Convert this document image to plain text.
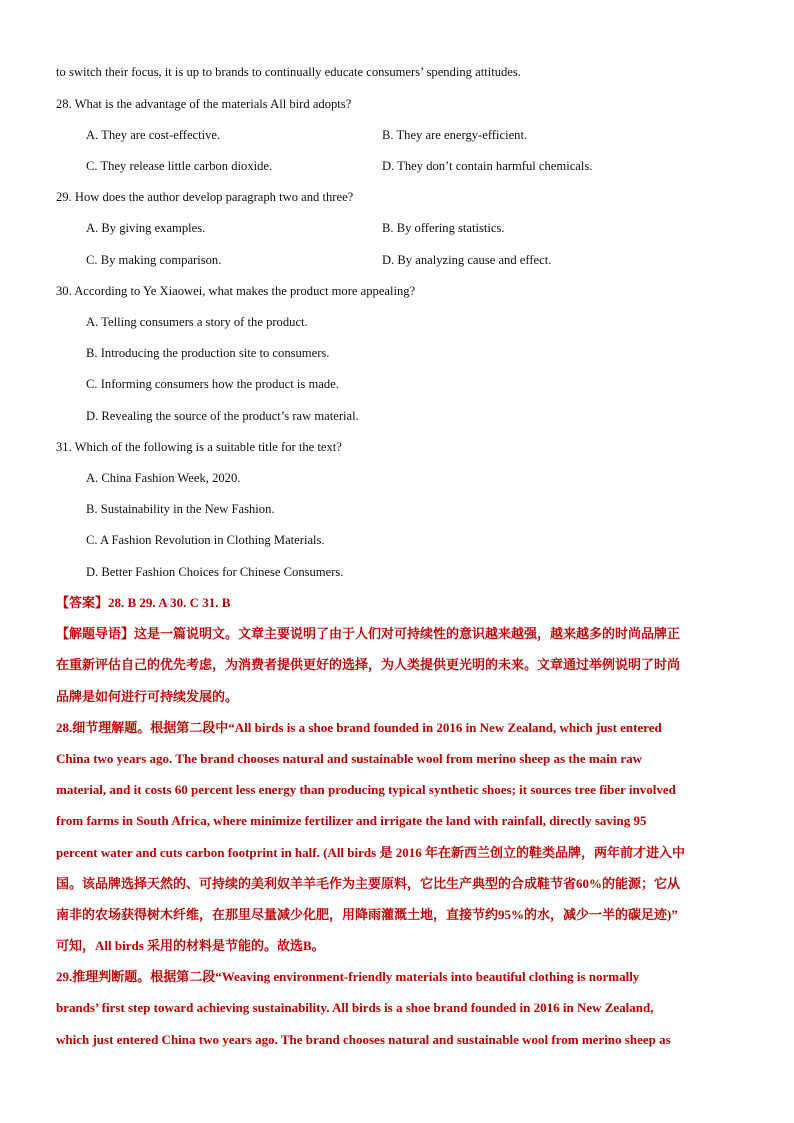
to switch their focus, it is up to brands to continually educate consumers’ spending attitudes.
28. What is the advantage of the materials All bird adopts?
A. They are cost-effective.	B. They are energy-efficient.
C. They release little carbon dioxide.	D. They don’t contain harmful chemicals.
29. How does the author develop paragraph two and three?
A. By giving examples.	B. By offering statistics.
C. By making comparison.	D. By analyzing cause and effect.
30. According to Ye Xiaowei, what makes the product more appealing?
A. Telling consumers a story of the product.
B. Introducing the production site to consumers.
C. Informing consumers how the product is made.
D. Revealing the source of the product’s raw material.
31. Which of the following is a suitable title for the text?
A. China Fashion Week, 2020.
B. Sustainability in the New Fashion.
C. A Fashion Revolution in Clothing Materials.
D. Better Fashion Choices for Chinese Consumers.
【答案】28. B 29. A 30. C 31. B
【解题导语】这是一篇说明文。文章主要说明了由于人们对可持续性的意识越来越强，越来越多的时尚品牌正
在重新评估自己的优先考虑，为消费者提供更好的选择，为人类提供更光明的未来。文章通过举例说明了时尚
品牌是如何进行可持续发展的。
28.细节理解题。根据第二段中“All birds is a shoe brand founded in 2016 in New Zealand, which just entered
China two years ago. The brand chooses natural and sustainable wool from merino sheep as the main raw
material, and it costs 60 percent less energy than producing typical synthetic shoes; it sources tree fiber involved
from farms in South Africa, where minimize fertilizer and irrigate the land with rainfall, directly saving 95
percent water and cuts carbon footprint in half. (All birds 是 2016 年在新西兰创立的鞋类品牌，两年前才进入中
国。该品牌选择天然的、可持续的美利奴羊羊毛作为主要原料，它比生产典型的合成鞋节省60%的能源；它从
南非的农场获得树木纤维，在那里尽量减少化肥，用降雨灌溉土地，直接节约95%的水，减少一半的碳足迹)”
可知，All birds 采用的材料是节能的。故选B。
29.推理判断题。根据第二段“Weaving environment-friendly materials into beautiful clothing is normally
brands’ first step toward achieving sustainability. All birds is a shoe brand founded in 2016 in New Zealand,
which just entered China two years ago. The brand chooses natural and sustainable wool from merino sheep as
